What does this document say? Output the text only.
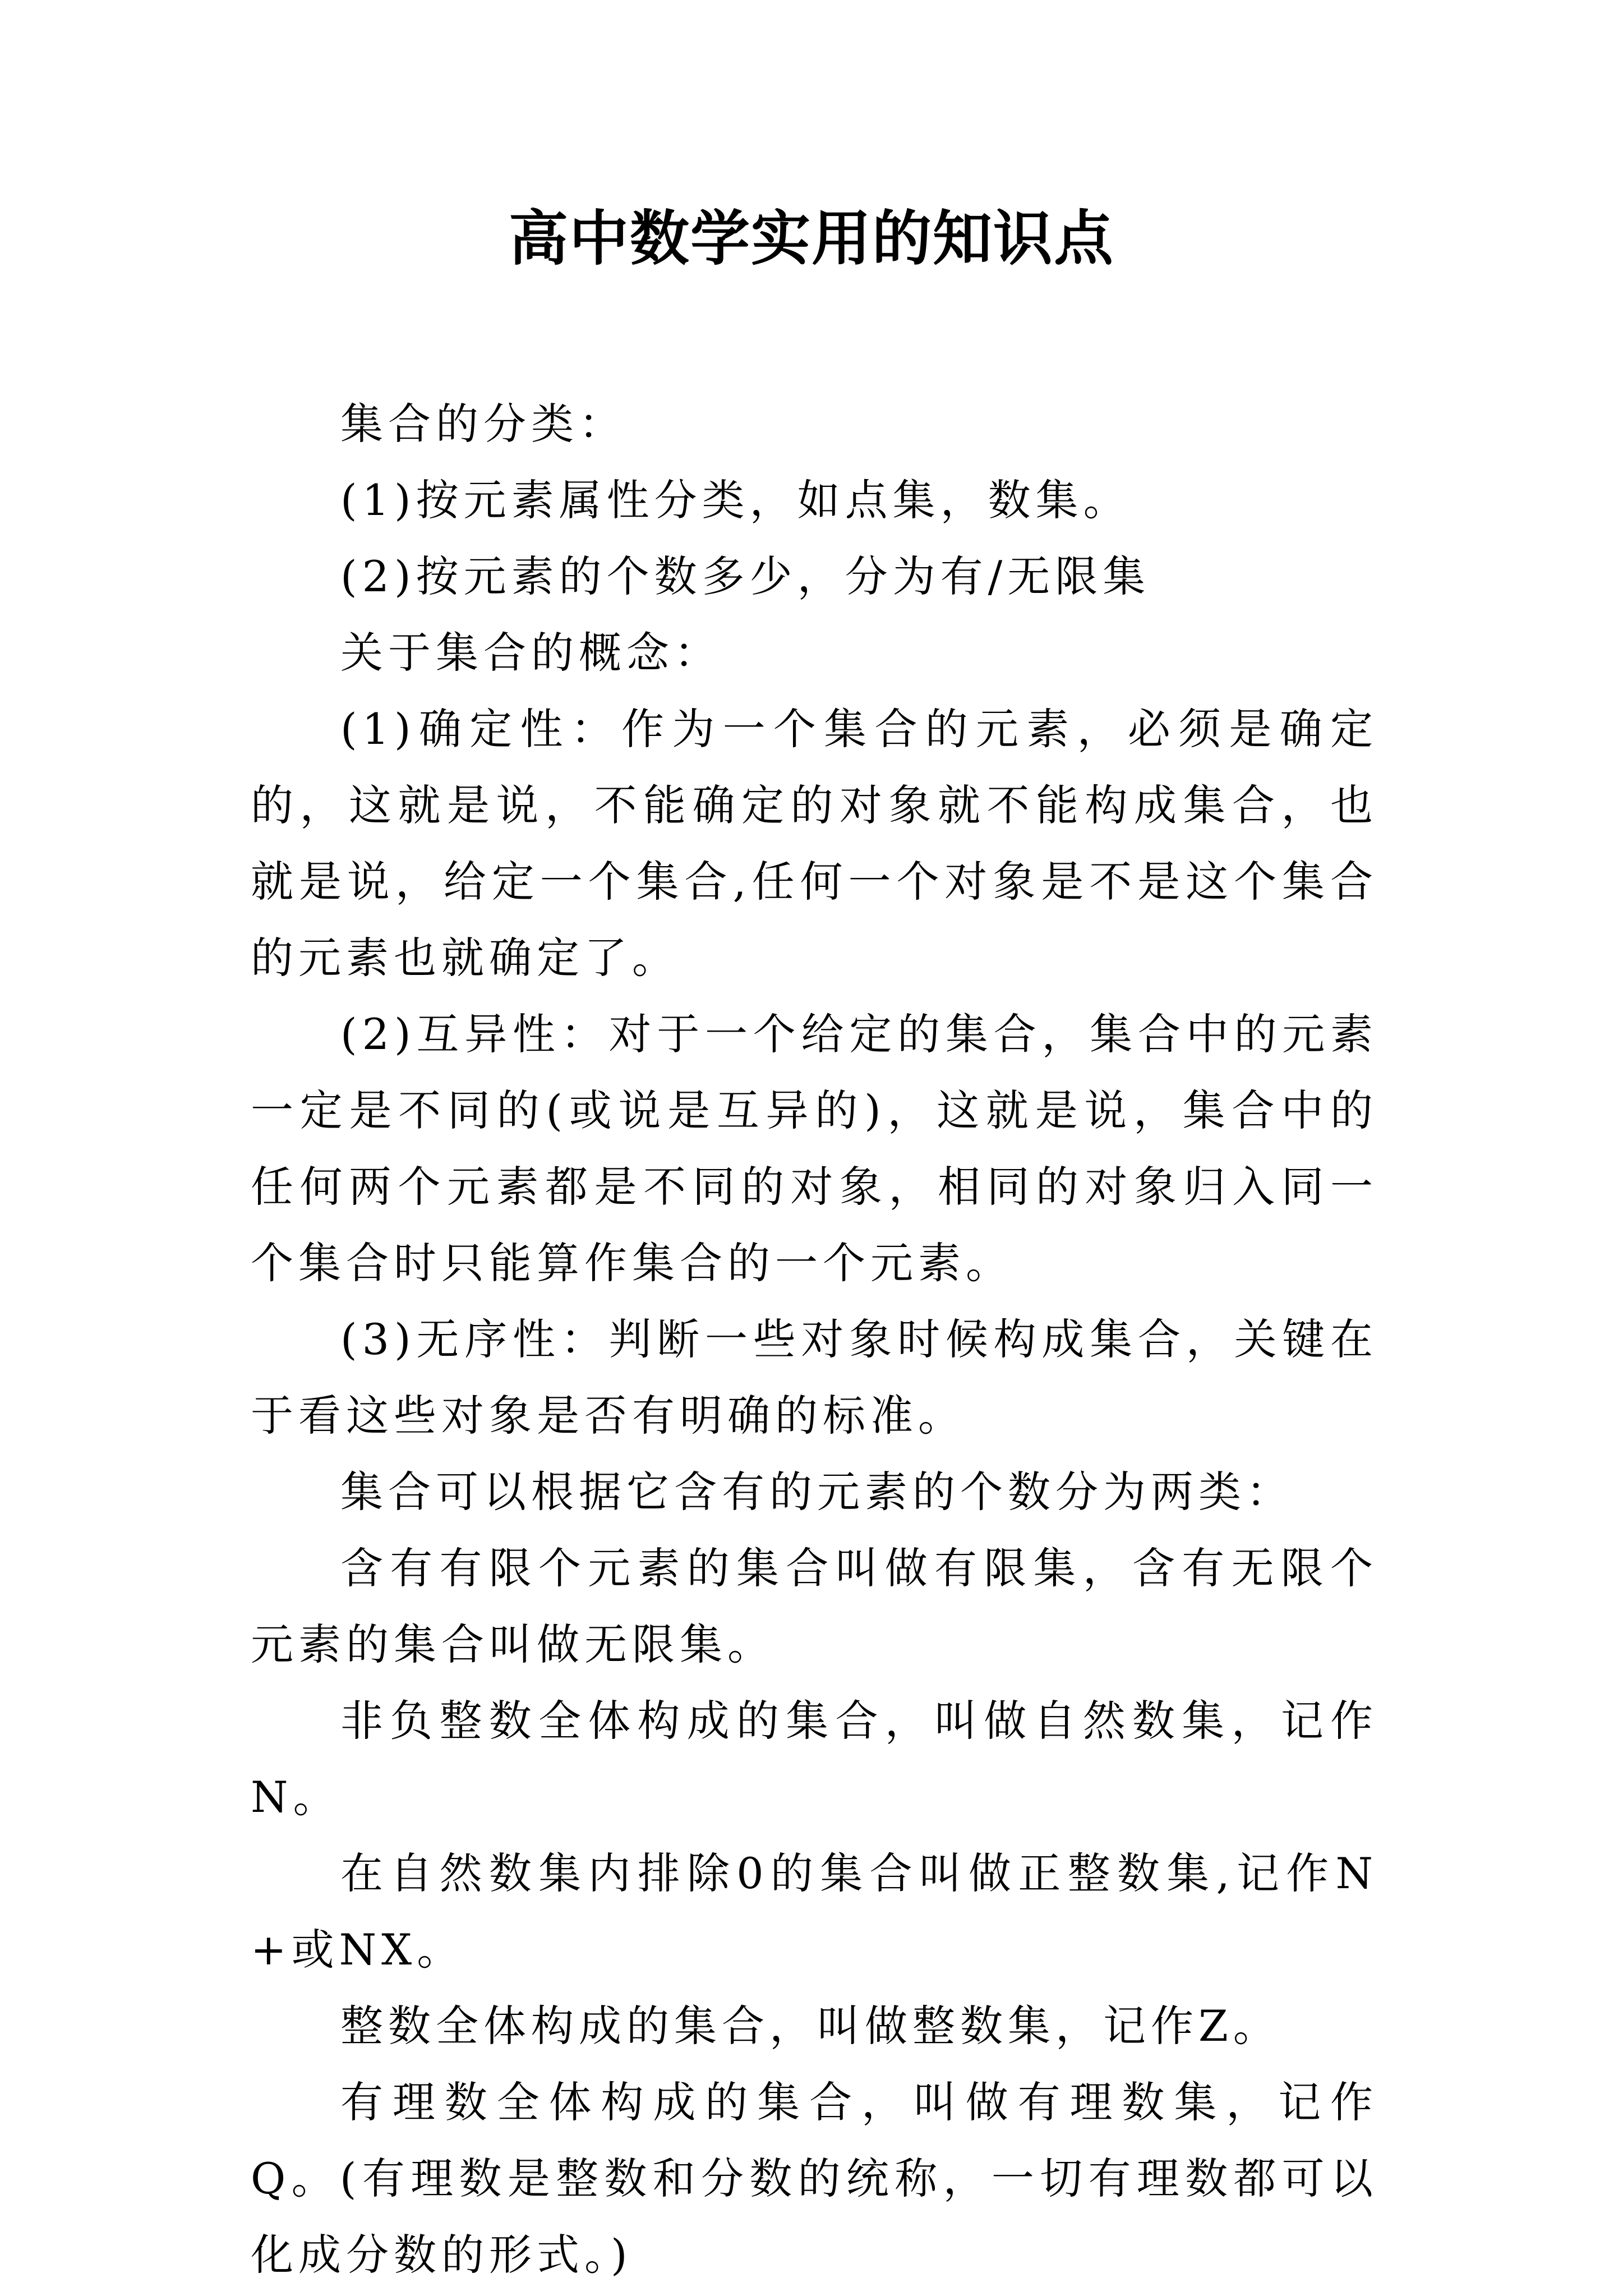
高中数学实用的知识点

集合的分类：

(1)按元素属性分类，如点集，数集。

(2)按元素的个数多少，分为有/无限集

关于集合的概念：

(1)确定性：作为一个集合的元素，必须是确定的，这就是说，不能确定的对象就不能构成集合，也就是说，给定一个集合,任何一个对象是不是这个集合的元素也就确定了。

(2)互异性：对于一个给定的集合，集合中的元素一定是不同的(或说是互异的)，这就是说，集合中的任何两个元素都是不同的对象，相同的对象归入同一个集合时只能算作集合的一个元素。

(3)无序性：判断一些对象时候构成集合，关键在于看这些对象是否有明确的标准。

集合可以根据它含有的元素的个数分为两类：

含有有限个元素的集合叫做有限集，含有无限个元素的集合叫做无限集。

非负整数全体构成的集合，叫做自然数集，记作N。

在自然数集内排除0的集合叫做正整数集,记作N+或NX。

整数全体构成的集合，叫做整数集，记作Z。

有理数全体构成的集合，叫做有理数集，记作Q。(有理数是整数和分数的统称，一切有理数都可以化成分数的形式。)
